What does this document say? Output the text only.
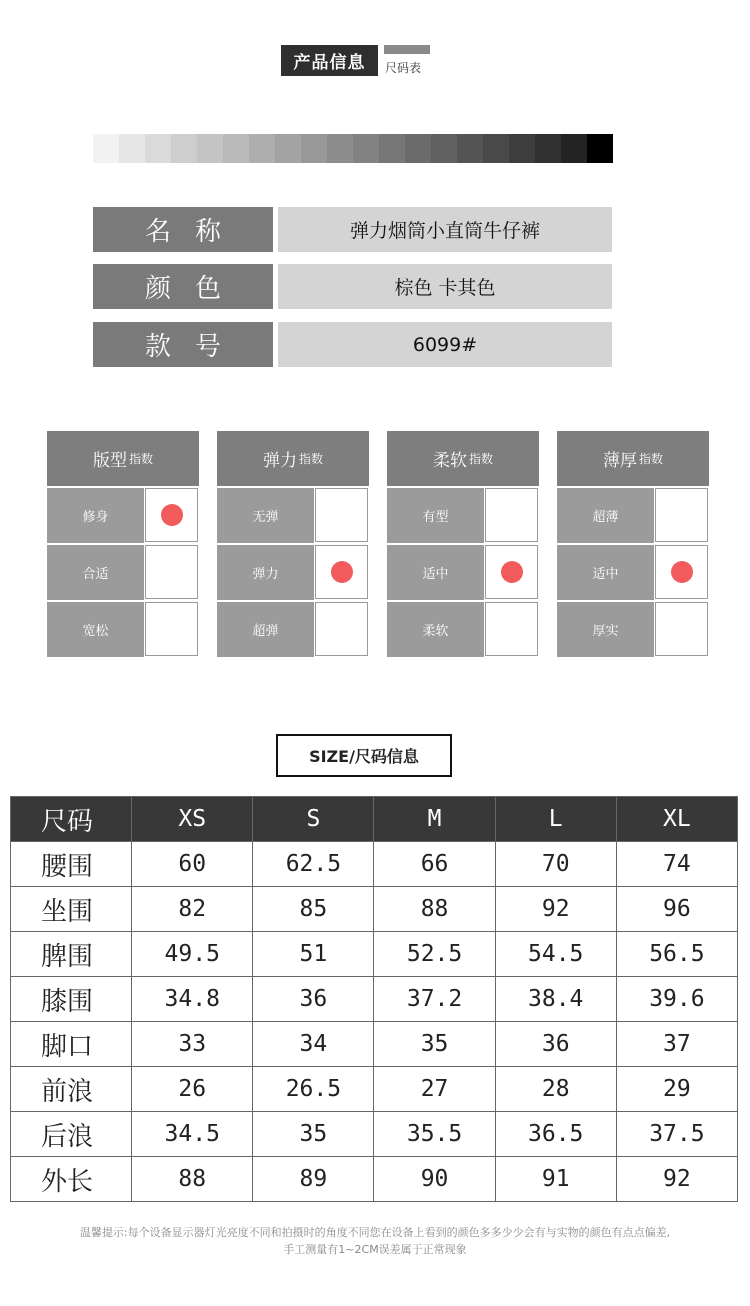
产品信息	尺码表
名称	弹力烟筒小直筒牛仔裤
颜色	棕色 卡其色
款号	6099#
版型 指数
修身
合适
宽松
弹力 指数
无弹
弹力
超弹
柔软 指数
有型
适中
柔软
薄厚 指数
超薄
适中
厚实
SIZE/尺码信息
尺码	XS	S	M	L	XL
腰围	60	62.5	66	70	74
坐围	82	85	88	92	96
脾围	49.5	51	52.5	54.5	56.5
膝围	34.8	36	37.2	38.4	39.6
脚口	33	34	35	36	37
前浪	26	26.5	27	28	29
后浪	34.5	35	35.5	36.5	37.5
外长	88	89	90	91	92
温馨提示:每个设备显示器灯光亮度不同和拍摄时的角度不同您在设备上看到的颜色多多少少会有与实物的颜色有点点偏差,
手工测量有1~2CM误差属于正常现象
